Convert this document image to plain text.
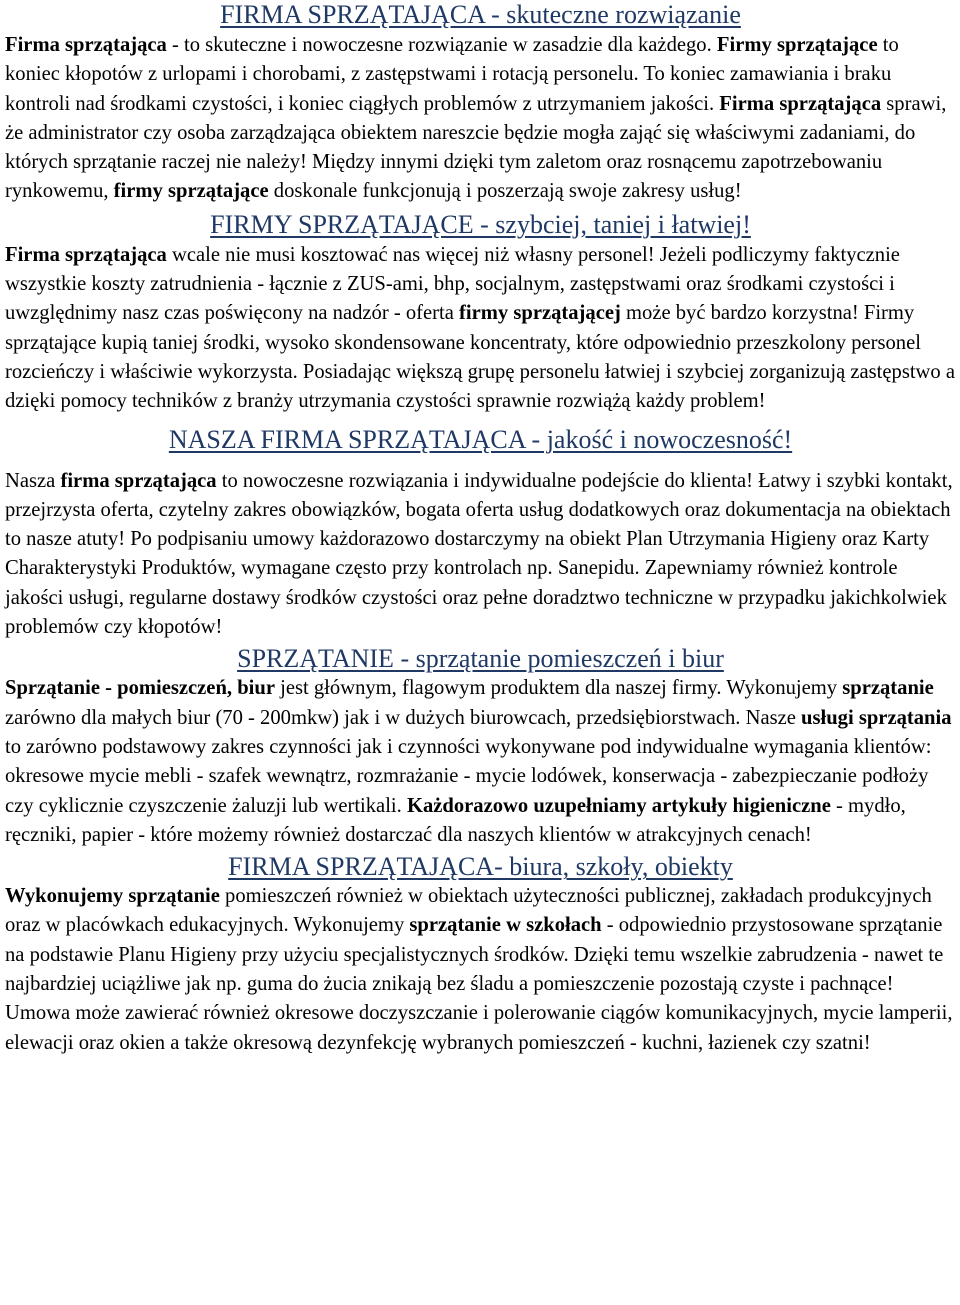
FIRMA SPRZĄTAJĄCA - skuteczne rozwiązanie

Firma sprzątająca - to skuteczne i nowoczesne rozwiązanie w zasadzie dla każdego. Firmy sprzątające to koniec kłopotów z urlopami i chorobami, z zastępstwami i rotacją personelu. To koniec zamawiania i braku kontroli nad środkami czystości, i koniec ciągłych problemów z utrzymaniem jakości. Firma sprzątająca sprawi, że administrator czy osoba zarządzająca obiektem nareszcie będzie mogła zająć się właściwymi zadaniami, do których sprzątanie raczej nie należy! Między innymi dzięki tym zaletom oraz rosnącemu zapotrzebowaniu rynkowemu, firmy sprzątające doskonale funkcjonują i poszerzają swoje zakresy usług!

FIRMY SPRZĄTAJĄCE - szybciej, taniej i łatwiej!

Firma sprzątająca wcale nie musi kosztować nas więcej niż własny personel! Jeżeli podliczymy faktycznie wszystkie koszty zatrudnienia - łącznie z ZUS-ami, bhp, socjalnym, zastępstwami oraz środkami czystości i uwzględnimy nasz czas poświęcony na nadzór - oferta firmy sprzątającej może być bardzo korzystna! Firmy sprzątające kupią taniej środki, wysoko skondensowane koncentraty, które odpowiednio przeszkolony personel rozcieńczy i właściwie wykorzysta. Posiadając większą grupę personelu łatwiej i szybciej zorganizują zastępstwo a dzięki pomocy techników z branży utrzymania czystości sprawnie rozwiążą każdy problem!

NASZA FIRMA SPRZĄTAJĄCA - jakość i nowoczesność!

Nasza firma sprzątająca to nowoczesne rozwiązania i indywidualne podejście do klienta! Łatwy i szybki kontakt, przejrzysta oferta, czytelny zakres obowiązków, bogata oferta usług dodatkowych oraz dokumentacja na obiektach to nasze atuty! Po podpisaniu umowy każdorazowo dostarczymy na obiekt Plan Utrzymania Higieny oraz Karty Charakterystyki Produktów, wymagane często przy kontrolach np. Sanepidu. Zapewniamy również kontrole jakości usługi, regularne dostawy środków czystości oraz pełne doradztwo techniczne w przypadku jakichkolwiek problemów czy kłopotów!

SPRZĄTANIE - sprzątanie pomieszczeń i biur

Sprzątanie - pomieszczeń, biur jest głównym, flagowym produktem dla naszej firmy. Wykonujemy sprzątanie zarówno dla małych biur (70 - 200mkw) jak i w dużych biurowcach, przedsiębiorstwach. Nasze usługi sprzątania to zarówno podstawowy zakres czynności jak i czynności wykonywane pod indywidualne wymagania klientów: okresowe mycie mebli - szafek wewnątrz, rozmrażanie - mycie lodówek, konserwacja - zabezpieczanie podłoży czy cyklicznie czyszczenie żaluzji lub wertikali. Każdorazowo uzupełniamy artykuły higieniczne - mydło, ręczniki, papier - które możemy również dostarczać dla naszych klientów w atrakcyjnych cenach!

FIRMA SPRZĄTAJĄCA- biura, szkoły, obiekty

Wykonujemy sprzątanie pomieszczeń również w obiektach użyteczności publicznej, zakładach produkcyjnych oraz w placówkach edukacyjnych. Wykonujemy sprzątanie w szkołach - odpowiednio przystosowane sprzątanie na podstawie Planu Higieny przy użyciu specjalistycznych środków. Dzięki temu wszelkie zabrudzenia - nawet te najbardziej uciążliwe jak np. guma do żucia znikają bez śladu a pomieszczenie pozostają czyste i pachnące! Umowa może zawierać również okresowe doczyszczanie i polerowanie ciągów komunikacyjnych, mycie lamperii, elewacji oraz okien a także okresową dezynfekcję wybranych pomieszczeń - kuchni, łazienek czy szatni!
